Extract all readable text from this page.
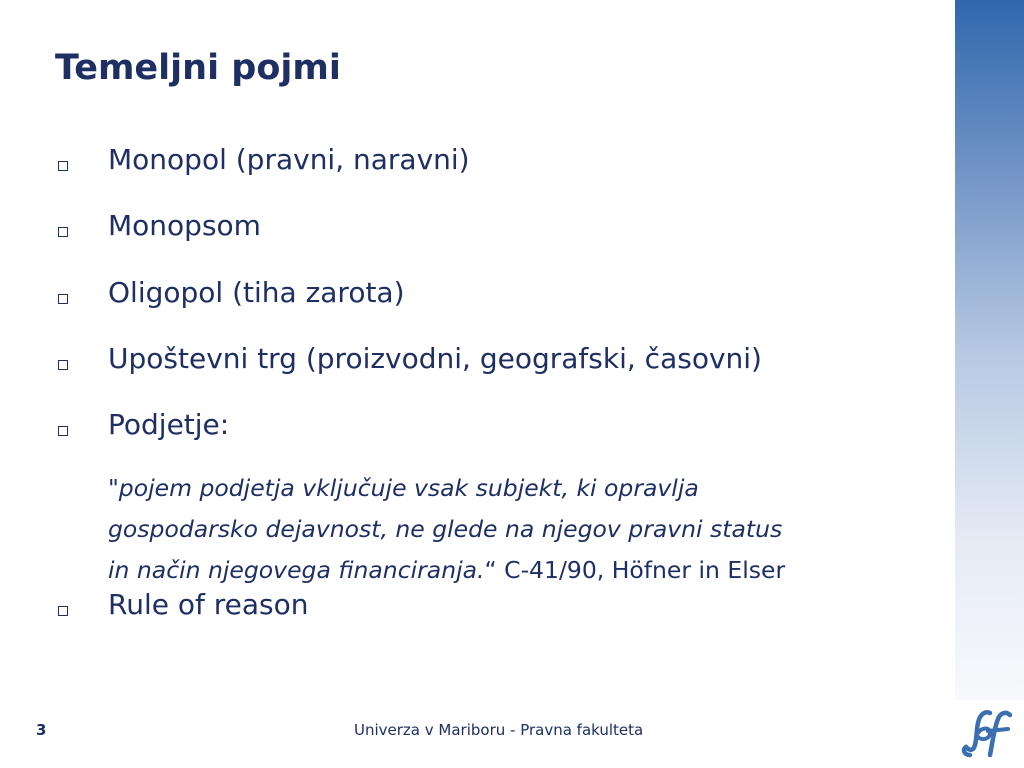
Temeljni pojmi
Monopol (pravni, naravni)
Monopsom
Oligopol (tiha zarota)
Upoštevni trg (proizvodni, geografski, časovni)
Podjetje:
"pojem podjetja vključuje vsak subjekt, ki opravlja
gospodarsko dejavnost, ne glede na njegov pravni status
in način njegovega financiranja.“ C-41/90, Höfner in Elser
Rule of reason
3	Univerza v Mariboru - Pravna fakulteta
